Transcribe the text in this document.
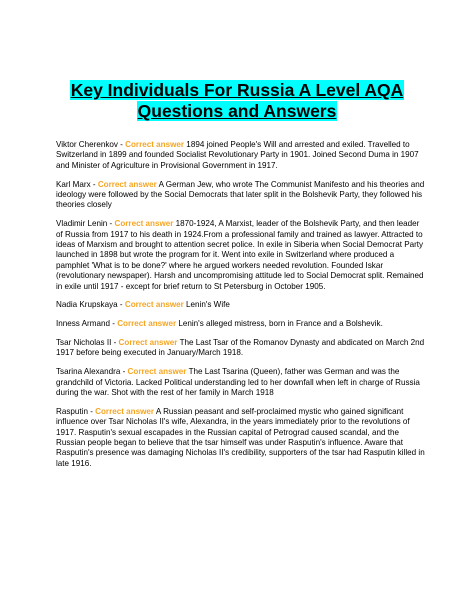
Key Individuals For Russia A Level AQA
Questions and Answers

Viktor Cherenkov - Correct answer 1894 joined People's Will and arrested and exiled. Travelled to Switzerland in 1899 and founded Socialist Revolutionary Party in 1901. Joined Second Duma in 1907 and Minister of Agriculture in Provisional Government in 1917.

Karl Marx - Correct answer A German Jew, who wrote The Communist Manifesto and his theories and ideology were followed by the Social Democrats that later split in the Bolshevik Party, they followed his theories closely

Vladimir Lenin - Correct answer 1870-1924, A Marxist, leader of the Bolshevik Party, and then leader of Russia from 1917 to his death in 1924.From a professional family and trained as lawyer. Attracted to ideas of Marxism and brought to attention secret police. In exile in Siberia when Social Democrat Party launched in 1898 but wrote the program for it. Went into exile in Switzerland where produced a pamphlet 'What is to be done?' where he argued workers needed revolution. Founded Iskar (revolutionary newspaper). Harsh and uncompromising attitude led to Social Democrat split. Remained in exile until 1917 - except for brief return to St Petersburg in October 1905.

Nadia Krupskaya - Correct answer Lenin's Wife

Inness Armand - Correct answer Lenin's alleged mistress, born in France and a Bolshevik.

Tsar Nicholas II - Correct answer The Last Tsar of the Romanov Dynasty and abdicated on March 2nd 1917 before being executed in January/March 1918.

Tsarina Alexandra - Correct answer The Last Tsarina (Queen), father was German and was the grandchild of Victoria. Lacked Political understanding led to her downfall when left in charge of Russia during the war. Shot with the rest of her family in March 1918

Rasputin - Correct answer A Russian peasant and self-proclaimed mystic who gained significant influence over Tsar Nicholas II's wife, Alexandra, in the years immediately prior to the revolutions of 1917. Rasputin's sexual escapades in the Russian capital of Petrograd caused scandal, and the Russian people began to believe that the tsar himself was under Rasputin's influence. Aware that Rasputin's presence was damaging Nicholas II's credibility, supporters of the tsar had Rasputin killed in late 1916.
